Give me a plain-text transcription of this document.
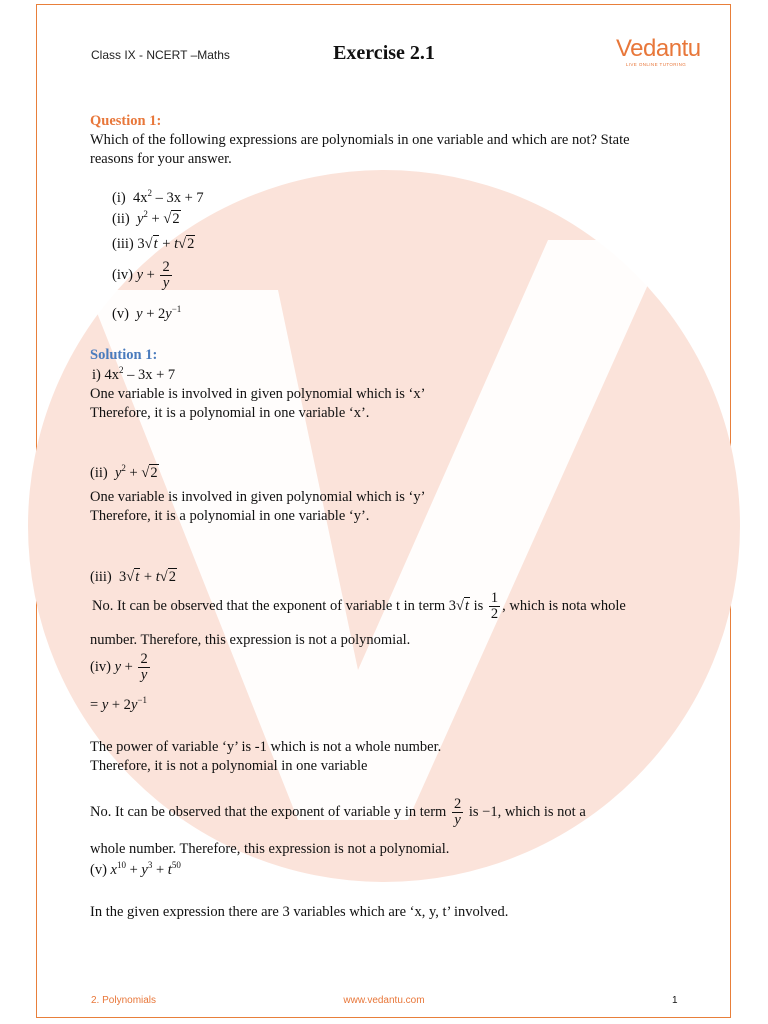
Class IX - NCERT –Maths	Exercise 2.1	Vedantu
LIVE ONLINE TUTORING
Question 1:
Which of the following expressions are polynomials in one variable and which are not? State
reasons for your answer.
(i) $4x^2 - 3x + 7$
(ii) $y^2 + √2$
(iii) 3√t + t√2
(iv) $y + \frac{2}{y}$
(v) $y + 2y^{-1}$
Solution 1:
i) $4x^2 - 3x + 7$
One variable is involved in given polynomial which is ‘x’
Therefore, it is a polynomial in one variable ‘x’.
(ii) $y^2 + √2$
One variable is involved in given polynomial which is ‘y’
Therefore, it is a polynomial in one variable ‘y’.
(iii)  3√t + t√2
No. It can be observed that the exponent of variable t in term 3√t is $\frac{1}{2}$ , which is nota whole
number. Therefore, this expression is not a polynomial.
(iv) $y + \frac{2}{y}$
= $y + 2y^{-1}$
The power of variable ‘y’ is -1 which is not a whole number.
Therefore, it is not a polynomial in one variable
No. It can be observed that the exponent of variable y in term $\frac{2}{y}$ is −1, which is not a
whole number. Therefore, this expression is not a polynomial.
(v) $x^{10} + y^3 + t^{50}$
In the given expression there are 3 variables which are ‘x, y, t’ involved.
2. Polynomials	www.vedantu.com	1
